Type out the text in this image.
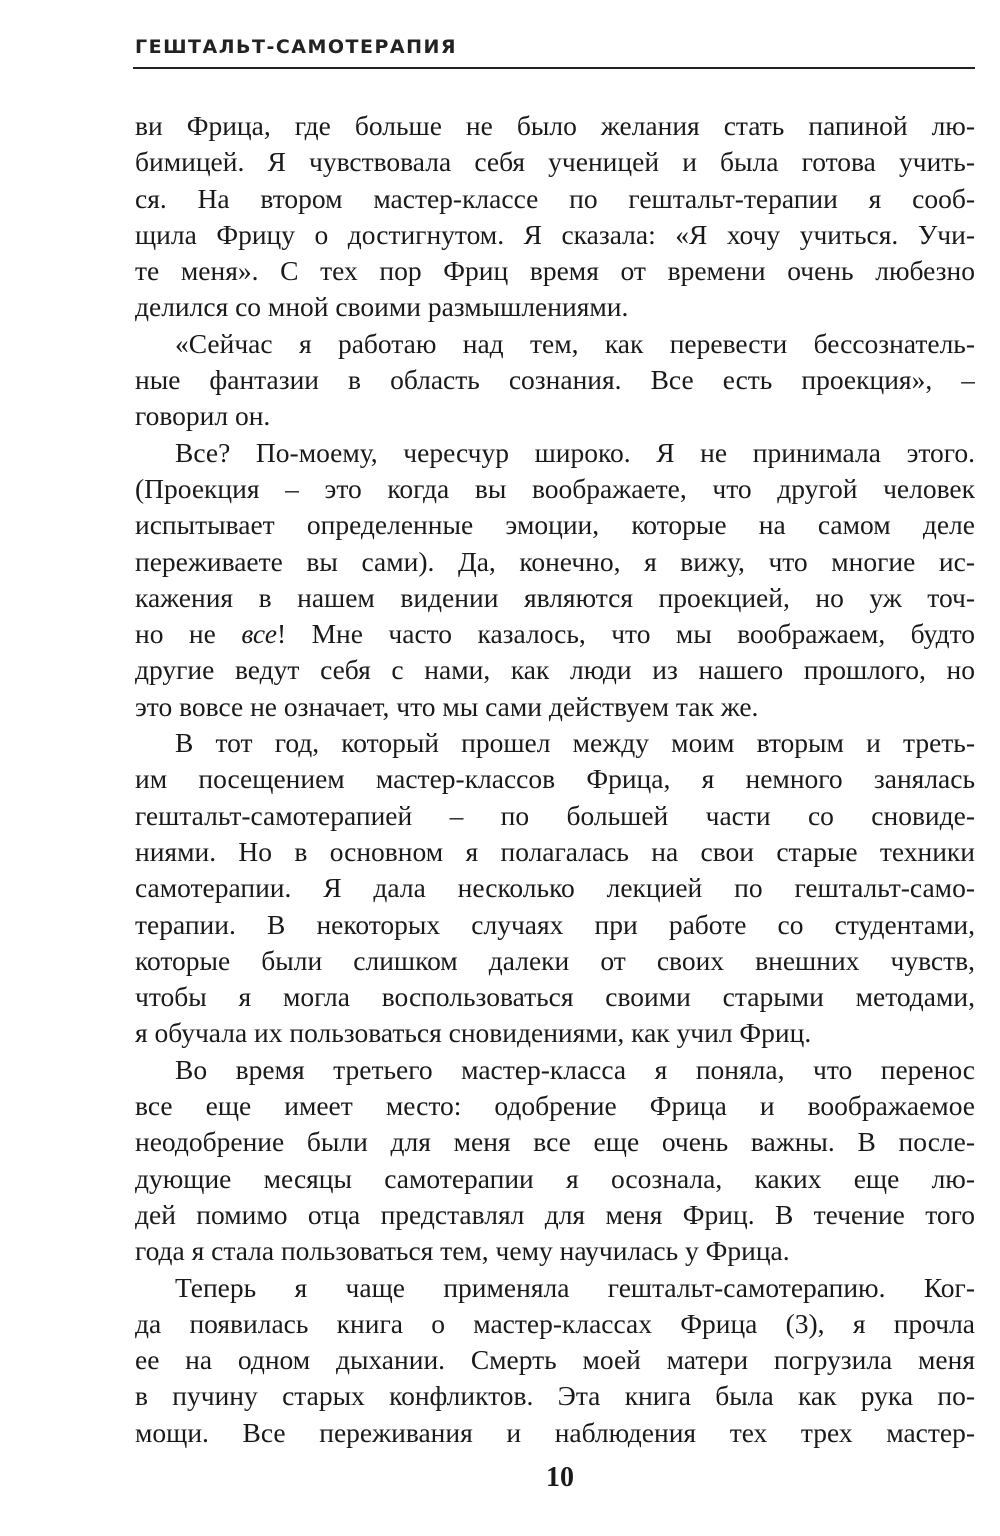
ГЕШТАЛЬТ-САМОТЕРАПИЯ
ви Фрица, где больше не было желания стать папиной лю-
бимицей. Я чувствовала себя ученицей и была готова учить-
ся. На втором мастер-классе по гештальт-терапии я сооб-
щила Фрицу о достигнутом. Я сказала: «Я хочу учиться. Учи-
те меня». С тех пор Фриц время от времени очень любезно
делился со мной своими размышлениями.
«Сейчас я работаю над тем, как перевести бессознатель-
ные фантазии в область сознания. Все есть проекция», –
говорил он.
Все? По-моему, чересчур широко. Я не принимала этого.
(Проекция – это когда вы воображаете, что другой человек
испытывает определенные эмоции, которые на самом деле
переживаете вы сами). Да, конечно, я вижу, что многие ис-
кажения в нашем видении являются проекцией, но уж точ-
но не все! Мне часто казалось, что мы воображаем, будто
другие ведут себя с нами, как люди из нашего прошлого, но
это вовсе не означает, что мы сами действуем так же.
В тот год, который прошел между моим вторым и треть-
им посещением мастер-классов Фрица, я немного занялась
гештальт-самотерапией – по большей части со сновиде-
ниями. Но в основном я полагалась на свои старые техники
самотерапии. Я дала несколько лекцией по гештальт-само-
терапии. В некоторых случаях при работе со студентами,
которые были слишком далеки от своих внешних чувств,
чтобы я могла воспользоваться своими старыми методами,
я обучала их пользоваться сновидениями, как учил Фриц.
Во время третьего мастер-класса я поняла, что перенос
все еще имеет место: одобрение Фрица и воображаемое
неодобрение были для меня все еще очень важны. В после-
дующие месяцы самотерапии я осознала, каких еще лю-
дей помимо отца представлял для меня Фриц. В течение того
года я стала пользоваться тем, чему научилась у Фрица.
Теперь я чаще применяла гештальт-самотерапию. Ког-
да появилась книга о мастер-классах Фрица (3), я прочла
ее на одном дыхании. Смерть моей матери погрузила меня
в пучину старых конфликтов. Эта книга была как рука по-
мощи. Все переживания и наблюдения тех трех мастер-
10
